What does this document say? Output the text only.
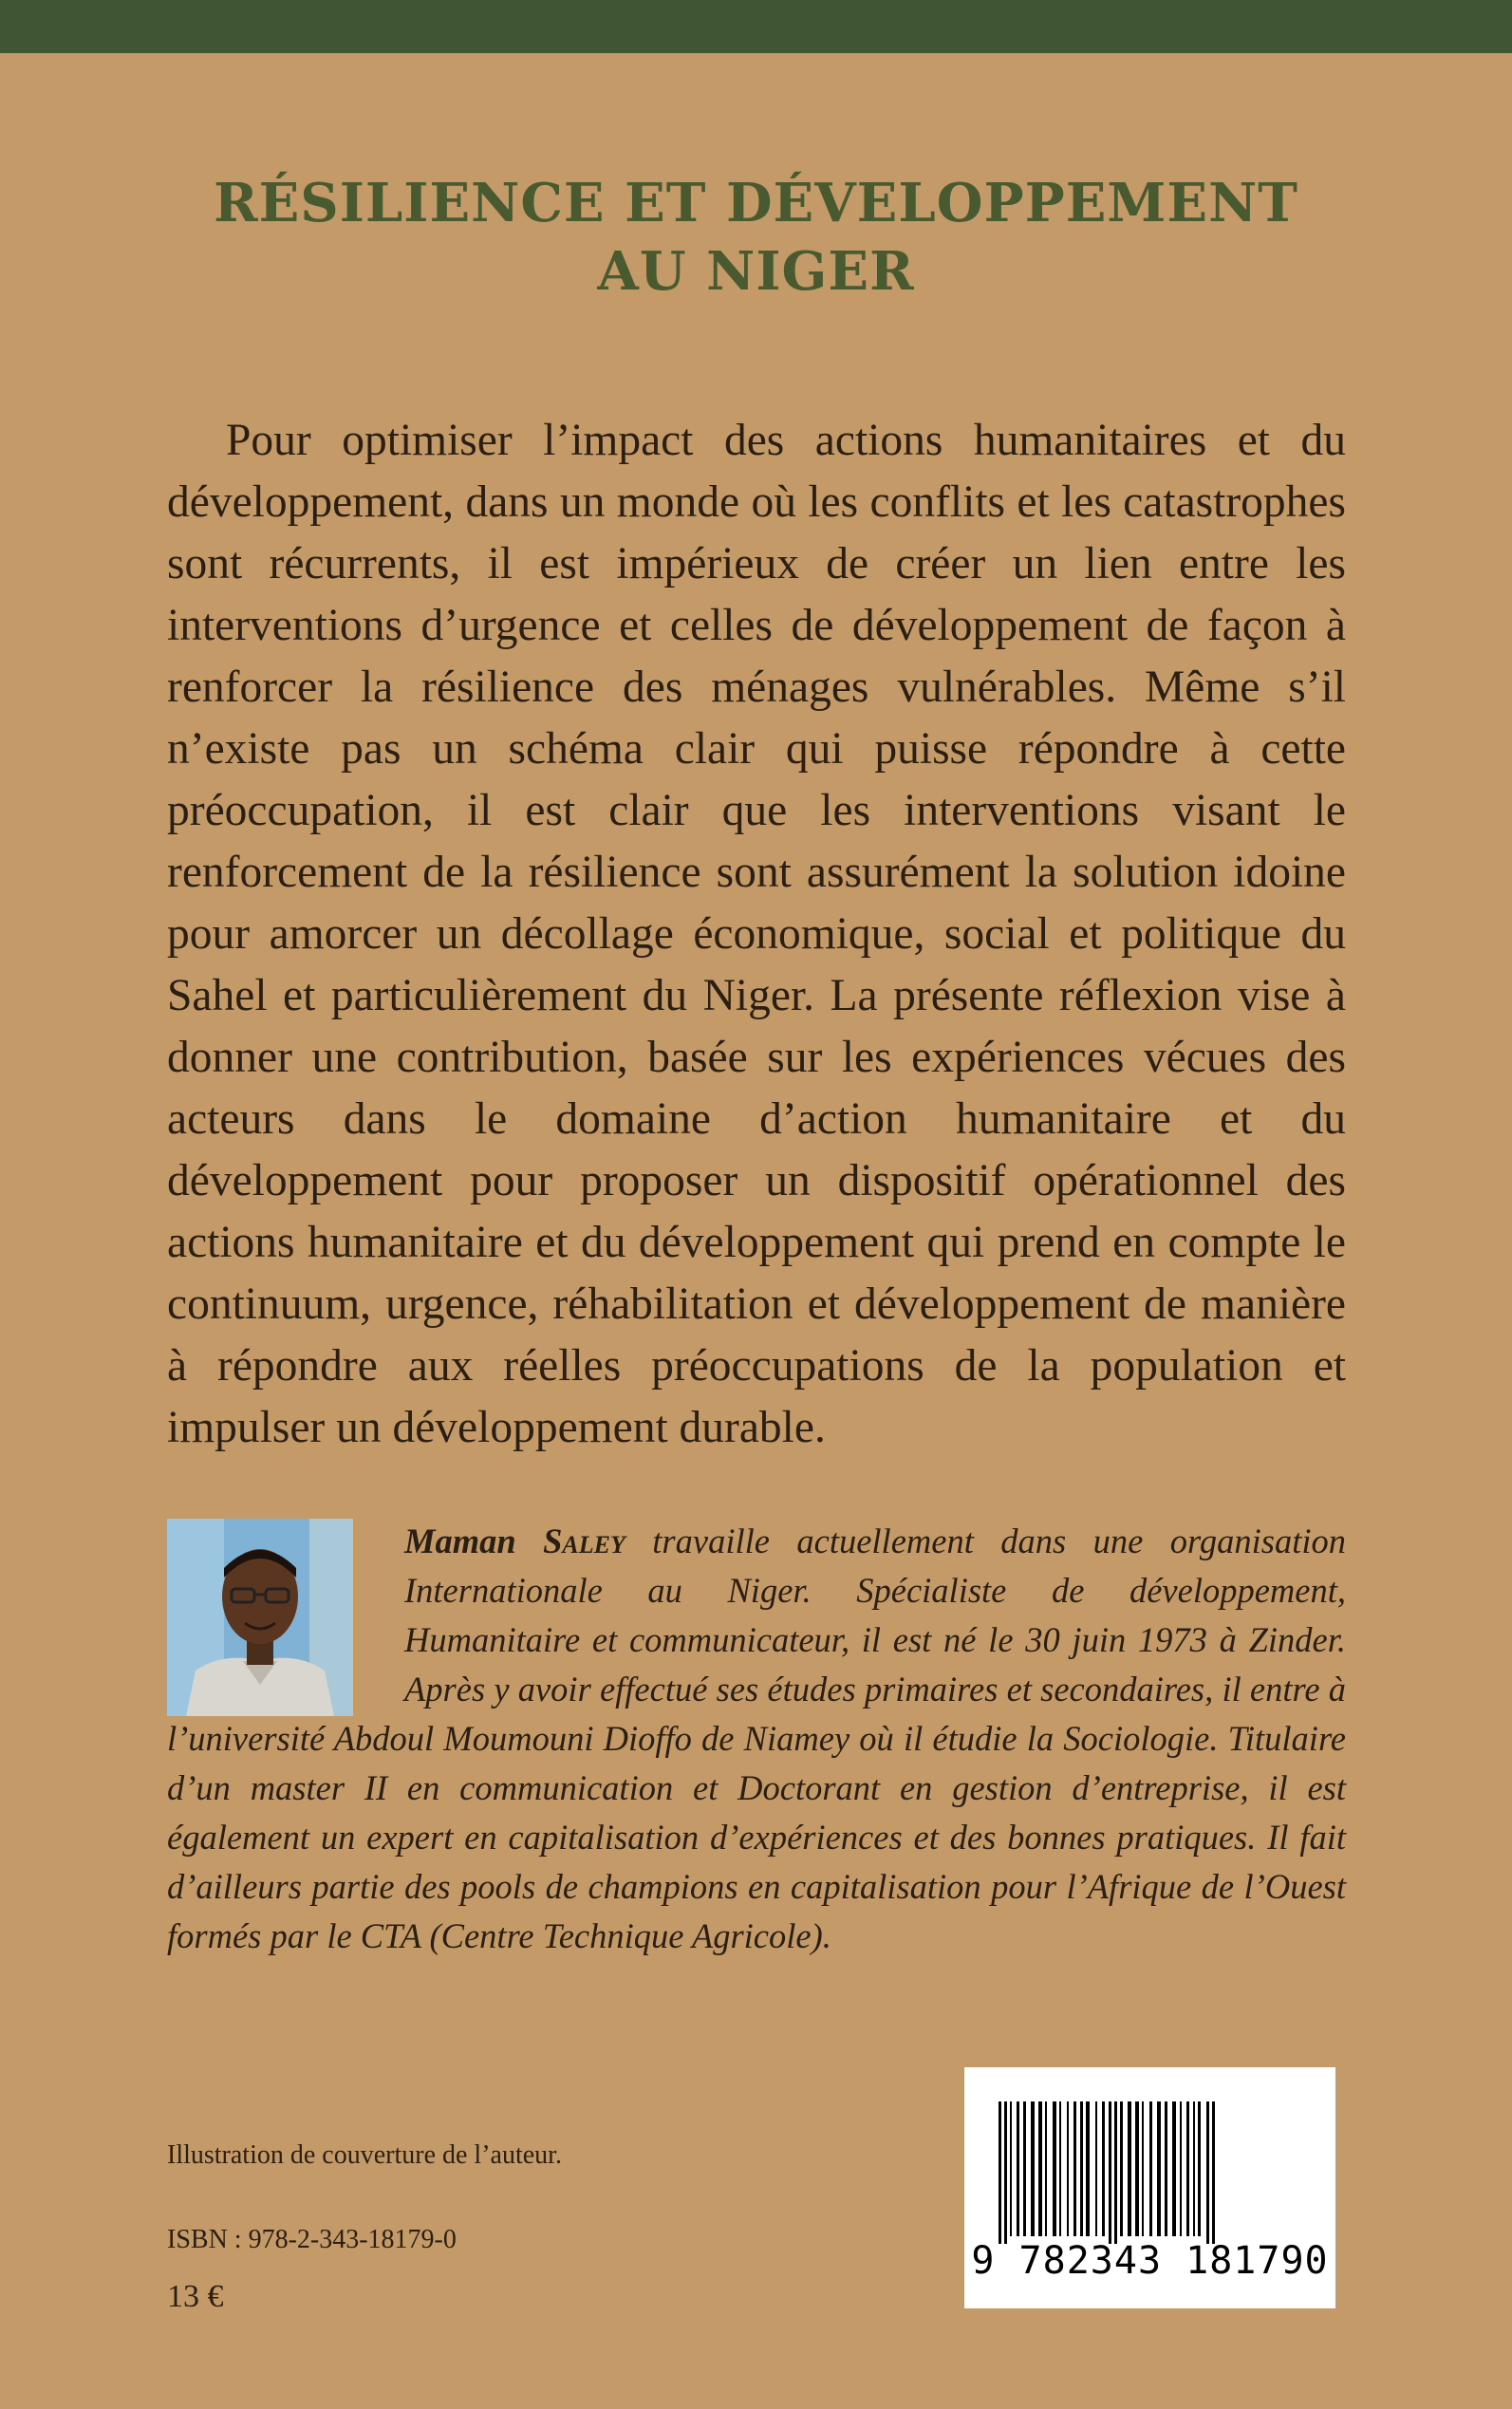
RÉSILIENCE ET DÉVELOPPEMENT
AU NIGER

Pour optimiser l’impact des actions humanitaires et du développement, dans un monde où les conflits et les catastrophes sont récurrents, il est impérieux de créer un lien entre les interventions d’urgence et celles de développement de façon à renforcer la résilience des ménages vulnérables. Même s’il n’existe pas un schéma clair qui puisse répondre à cette préoccupation, il est clair que les interventions visant le renforcement de la résilience sont assurément la solution idoine pour amorcer un décollage économique, social et politique du Sahel et particulièrement du Niger. La présente réflexion vise à donner une contribution, basée sur les expériences vécues des acteurs dans le domaine d’action humanitaire et du développement pour proposer un dispositif opérationnel des actions humanitaire et du développement qui prend en compte le continuum, urgence, réhabilitation et développement de manière à répondre aux réelles préoccupations de la population et impulser un développement durable.

Maman Saley travaille actuellement dans une organisation Internationale au Niger. Spécialiste de développement, Humanitaire et communicateur, il est né le 30 juin 1973 à Zinder. Après y avoir effectué ses études primaires et secondaires, il entre à l’université Abdoul Moumouni Dioffo de Niamey où il étudie la Sociologie. Titulaire d’un master II en communication et Doctorant en gestion d’entreprise, il est également un expert en capitalisation d’expériences et des bonnes pratiques. Il fait d’ailleurs partie des pools de champions en capitalisation pour l’Afrique de l’Ouest formés par le CTA (Centre Technique Agricole).

Illustration de couverture de l’auteur.
ISBN : 978-2-343-18179-0
13 €
9 782343 181790
